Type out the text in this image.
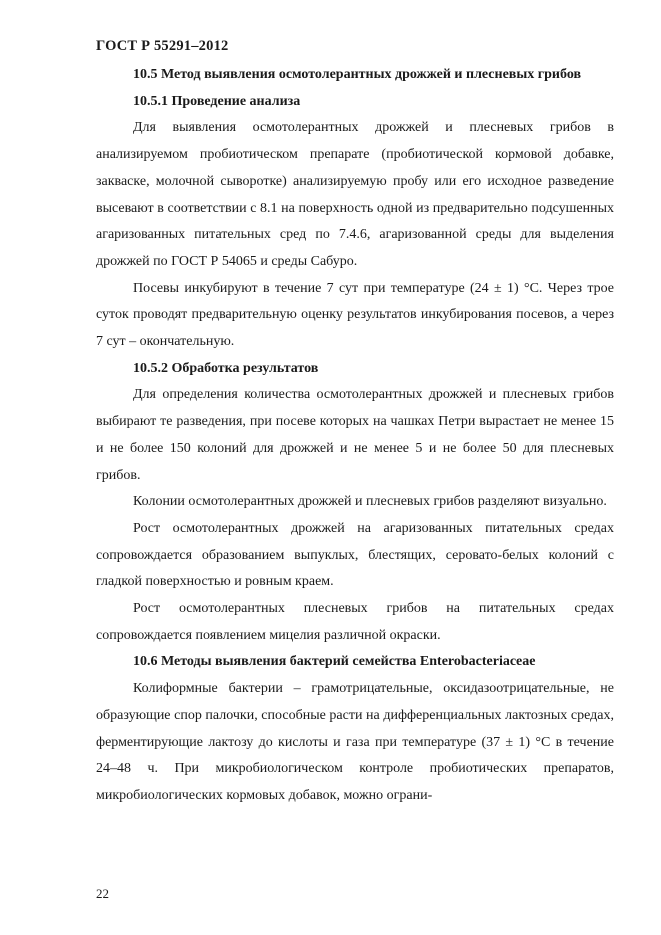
ГОСТ Р 55291–2012

10.5 Метод выявления осмотолерантных дрожжей и плесневых грибов

10.5.1 Проведение анализа

Для выявления осмотолерантных дрожжей и плесневых грибов в анализируемом пробиотическом препарате (пробиотической кормовой добавке, закваске, молочной сыворотке) анализируемую пробу или его исходное разведение высевают в соответствии с 8.1 на поверхность одной из предварительно подсушенных агаризованных питательных сред по 7.4.6, агаризованной среды для выделения дрожжей по ГОСТ Р 54065 и среды Сабуро.

Посевы инкубируют в течение 7 сут при температуре (24 ± 1) °С. Через трое суток проводят предварительную оценку результатов инкубирования посевов, а через 7 сут – окончательную.

10.5.2 Обработка результатов

Для определения количества осмотолерантных дрожжей и плесневых грибов выбирают те разведения, при посеве которых на чашках Петри вырастает не менее 15 и не более 150 колоний для дрожжей и не менее 5 и не более 50 для плесневых грибов.

Колонии осмотолерантных дрожжей и плесневых грибов разделяют визуально.

Рост осмотолерантных дрожжей на агаризованных питательных средах сопровождается образованием выпуклых, блестящих, серовато-белых колоний с гладкой поверхностью и ровным краем.

Рост осмотолерантных плесневых грибов на питательных средах сопровождается появлением мицелия различной окраски.

10.6 Методы выявления бактерий семейства Enterobacteriaceae

Колиформные бактерии – грамотрицательные, оксидазоотрицательные, не образующие спор палочки, способные расти на дифференциальных лактозных средах, ферментирующие лактозу до кислоты и газа при температуре (37 ± 1) °С в течение 24–48 ч. При микробиологическом контроле пробиотических препаратов, микробиологических кормовых добавок, можно ограни-

22
